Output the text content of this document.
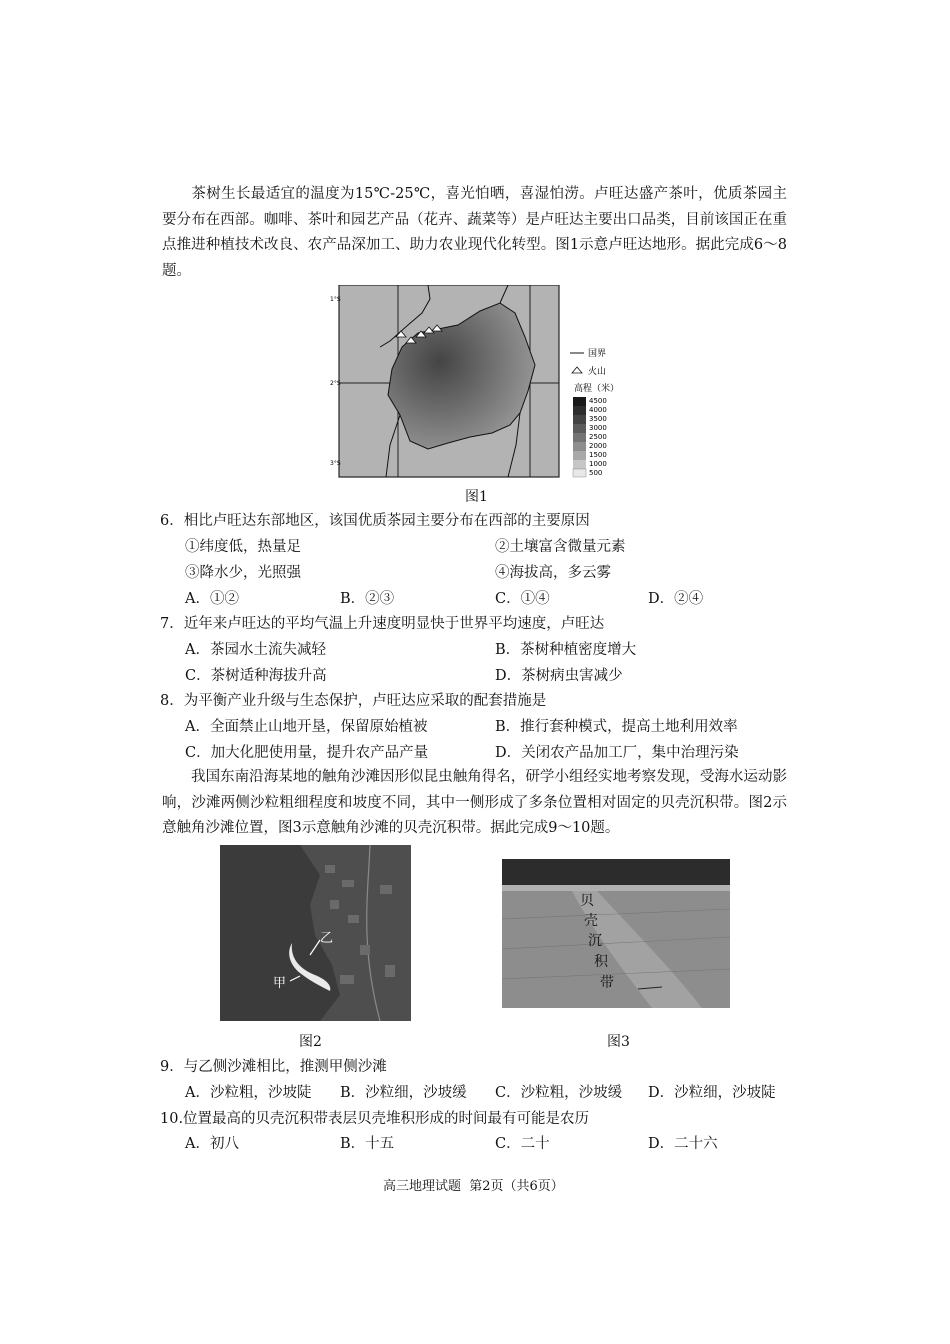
茶树生长最适宜的温度为15℃-25℃，喜光怕晒，喜湿怕涝。卢旺达盛产茶叶，优质茶园主要分布在西部。咖啡、茶叶和园艺产品（花卉、蔬菜等）是卢旺达主要出口品类，目前该国正在重点推进种植技术改良、农产品深加工、助力农业现代化转型。图1示意卢旺达地形。据此完成6～8题。
1°S
2°S
3°S
国界
火山
高程（米）
4500
4000
3500
3000
2500
2000
1500
1000
500
图1
6．相比卢旺达东部地区，该国优质茶园主要分布在西部的主要原因
①纬度低，热量足	②土壤富含微量元素
③降水少，光照强	④海拔高，多云雾
A．①②	B．②③	C．①④	D．②④
7．近年来卢旺达的平均气温上升速度明显快于世界平均速度，卢旺达
A．茶园水土流失减轻	B．茶树种植密度增大
C．茶树适种海拔升高	D．茶树病虫害减少
8．为平衡产业升级与生态保护，卢旺达应采取的配套措施是
A．全面禁止山地开垦，保留原始植被	B．推行套种模式，提高土地利用效率
C．加大化肥使用量，提升农产品产量	D．关闭农产品加工厂，集中治理污染
我国东南沿海某地的触角沙滩因形似昆虫触角得名，研学小组经实地考察发现，受海水运动影响，沙滩两侧沙粒粗细程度和坡度不同，其中一侧形成了多条位置相对固定的贝壳沉积带。图2示意触角沙滩位置，图3示意触角沙滩的贝壳沉积带。据此完成9～10题。
乙
甲
图2
贝 壳 沉 积 带
图3
9．与乙侧沙滩相比，推测甲侧沙滩
A．沙粒粗，沙坡陡 B．沙粒细，沙坡缓 C．沙粒粗，沙坡缓 D．沙粒细，沙坡陡
10.位置最高的贝壳沉积带表层贝壳堆积形成的时间最有可能是农历
A．初八	B．十五	C．二十	D．二十六
高三地理试题  第2页（共6页）
